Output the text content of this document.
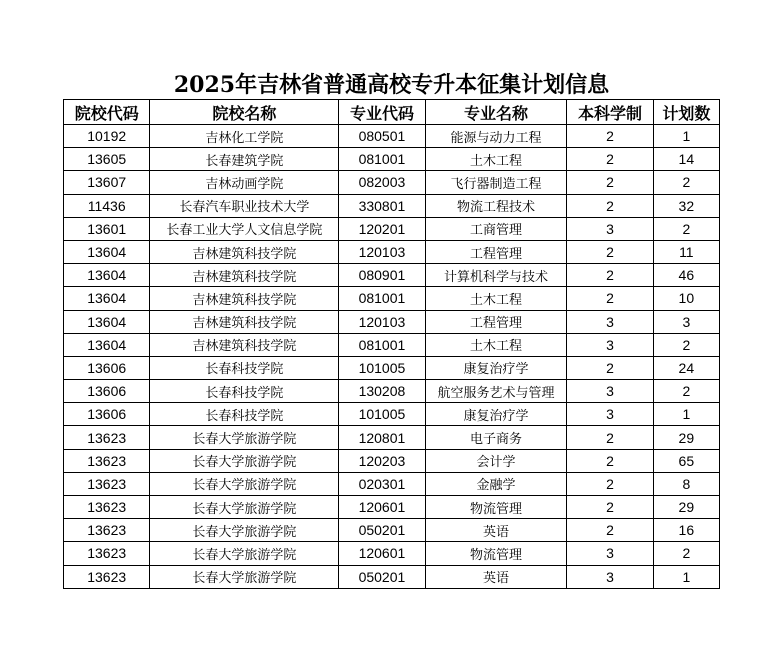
2025年吉林省普通高校专升本征集计划信息
院校代码	院校名称	专业代码	专业名称	本科学制	计划数
10192	吉林化工学院	080501	能源与动力工程	2	1
13605	长春建筑学院	081001	土木工程	2	14
13607	吉林动画学院	082003	飞行器制造工程	2	2
11436	长春汽车职业技术大学	330801	物流工程技术	2	32
13601	长春工业大学人文信息学院	120201	工商管理	3	2
13604	吉林建筑科技学院	120103	工程管理	2	11
13604	吉林建筑科技学院	080901	计算机科学与技术	2	46
13604	吉林建筑科技学院	081001	土木工程	2	10
13604	吉林建筑科技学院	120103	工程管理	3	3
13604	吉林建筑科技学院	081001	土木工程	3	2
13606	长春科技学院	101005	康复治疗学	2	24
13606	长春科技学院	130208	航空服务艺术与管理	3	2
13606	长春科技学院	101005	康复治疗学	3	1
13623	长春大学旅游学院	120801	电子商务	2	29
13623	长春大学旅游学院	120203	会计学	2	65
13623	长春大学旅游学院	020301	金融学	2	8
13623	长春大学旅游学院	120601	物流管理	2	29
13623	长春大学旅游学院	050201	英语	2	16
13623	长春大学旅游学院	120601	物流管理	3	2
13623	长春大学旅游学院	050201	英语	3	1
